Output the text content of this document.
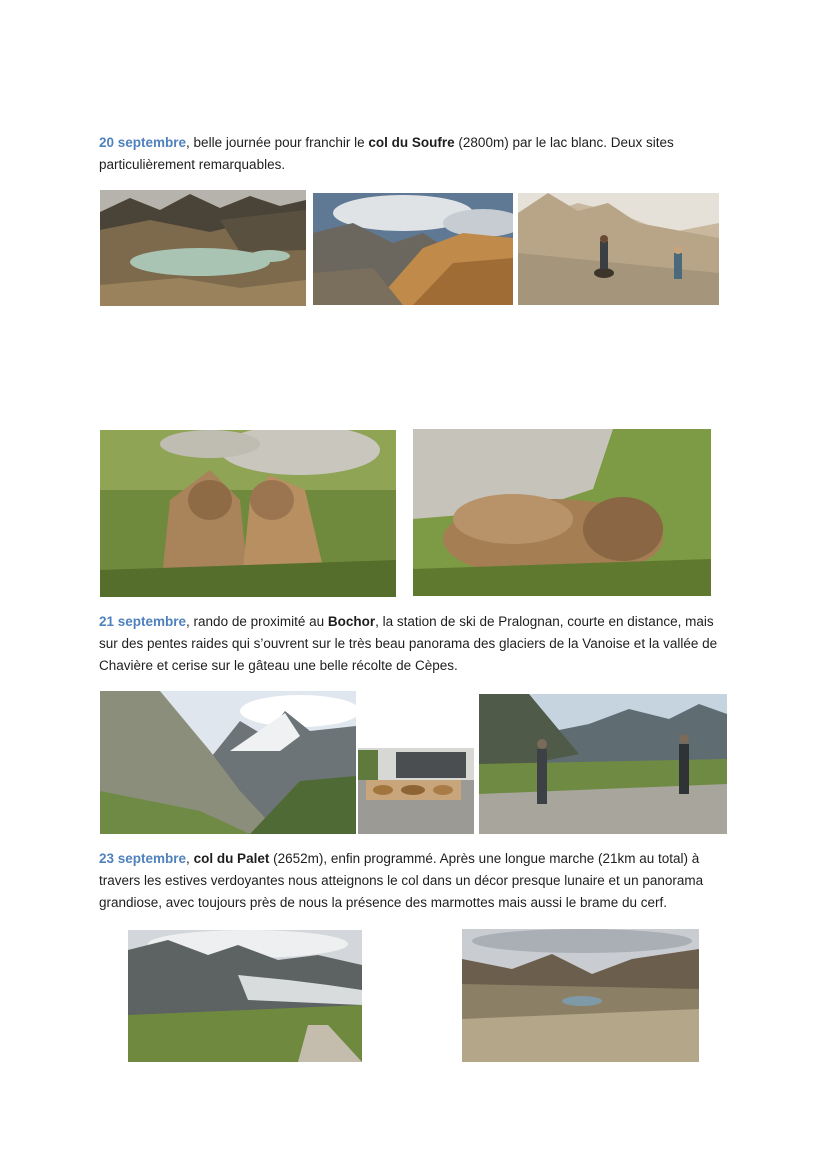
20 septembre, belle journée pour franchir le col du Soufre (2800m) par le lac blanc. Deux sites particulièrement remarquables.

21 septembre, rando de proximité au Bochor, la station de ski de Pralognan, courte en distance, mais sur des pentes raides qui s’ouvrent sur le très beau panorama des glaciers de la Vanoise et la vallée de Chavière et cerise sur le gâteau une belle récolte de Cèpes.

23 septembre, col du Palet (2652m), enfin programmé. Après une longue marche (21km au total) à travers les estives verdoyantes nous atteignons le col dans un décor presque lunaire et un panorama grandiose, avec toujours près de nous la présence des marmottes mais aussi le brame du cerf.
